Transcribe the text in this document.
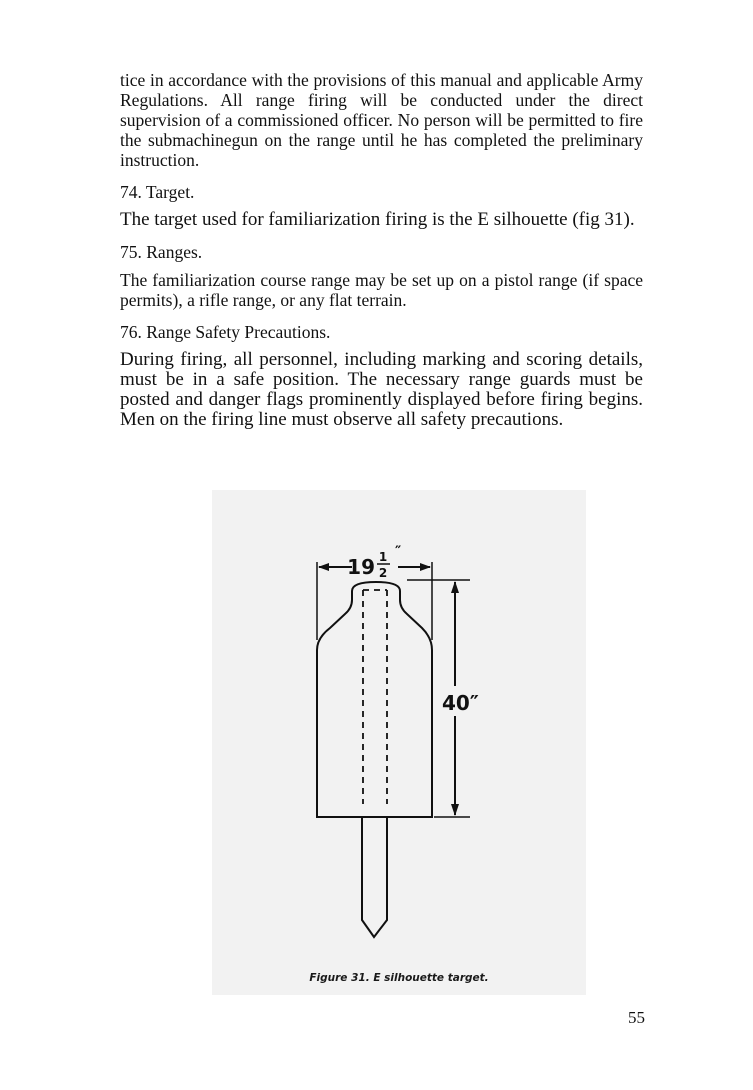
tice in accordance with the provisions of this manual and applicable Army Regulations. All range firing will be conducted under the direct supervision of a commissioned officer. No person will be permitted to fire the submachinegun on the range until he has completed the preliminary instruction.

74. Target.

The target used for familiarization firing is the E silhouette (fig 31).

75. Ranges.

The familiarization course range may be set up on a pistol range (if space permits), a rifle range, or any flat terrain.

76. Range Safety Precautions.

During firing, all personnel, including marking and scoring details, must be in a safe position. The necessary range guards must be posted and danger flags prominently displayed before firing begins. Men on the firing line must observe all safety precautions.

19 1
2
″
40″
Figure 31. E silhouette target.
55
